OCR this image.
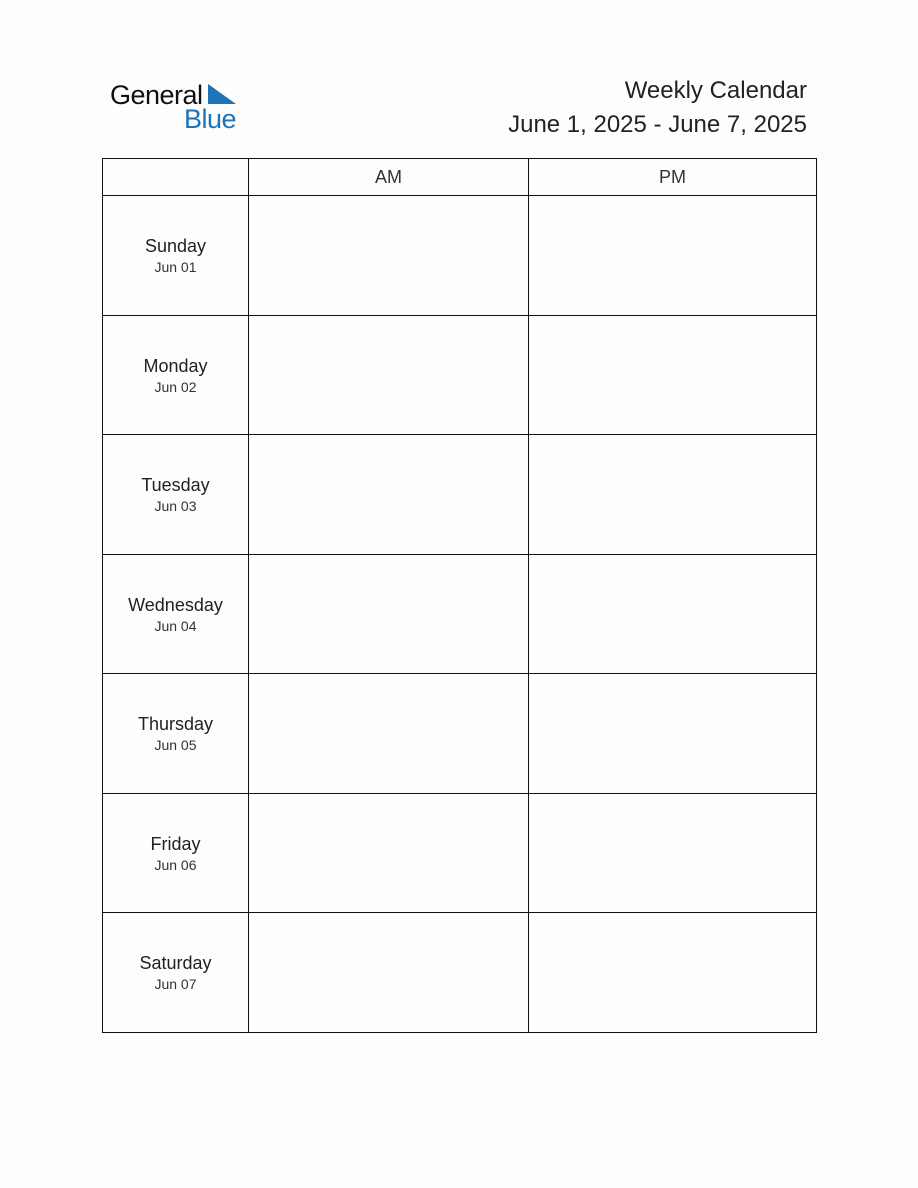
General
Blue
Weekly Calendar
June 1, 2025 - June 7, 2025
	AM	PM

Sunday
Jun 01		

Monday
Jun 02		

Tuesday
Jun 03		

Wednesday
Jun 04		

Thursday
Jun 05		

Friday
Jun 06		

Saturday
Jun 07		
